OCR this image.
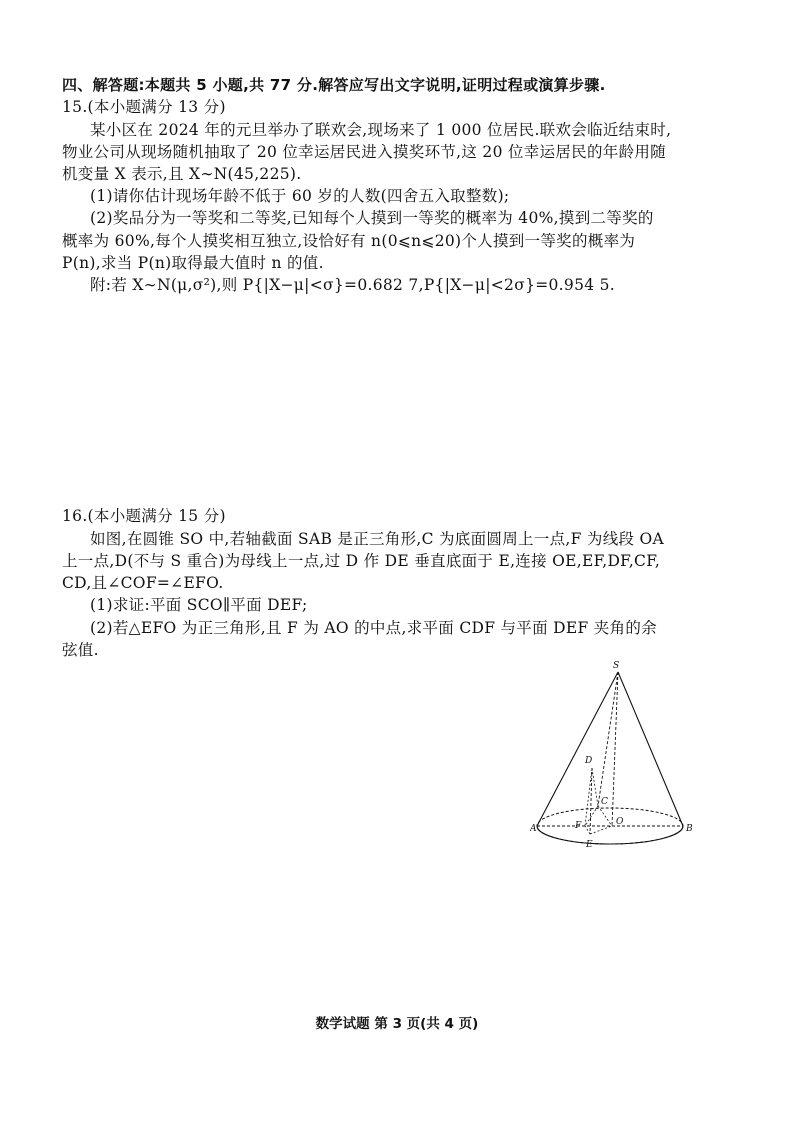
四、解答题:本题共 5 小题,共 77 分.解答应写出文字说明,证明过程或演算步骤.
15.(本小题满分 13 分)
某小区在 2024 年的元旦举办了联欢会,现场来了 1 000 位居民.联欢会临近结束时,
物业公司从现场随机抽取了 20 位幸运居民进入摸奖环节,这 20 位幸运居民的年龄用随
机变量 X 表示,且 X∼N(45,225).
(1)请你估计现场年龄不低于 60 岁的人数(四舍五入取整数);
(2)奖品分为一等奖和二等奖,已知每个人摸到一等奖的概率为 40%,摸到二等奖的
概率为 60%,每个人摸奖相互独立,设恰好有 n(0⩽n⩽20)个人摸到一等奖的概率为
P(n),求当 P(n)取得最大值时 n 的值.
附:若 X∼N(μ,σ²),则 P{|X−μ|<σ}=0.682 7,P{|X−μ|<2σ}=0.954 5.
16.(本小题满分 15 分)
如图,在圆锥 SO 中,若轴截面 SAB 是正三角形,C 为底面圆周上一点,F 为线段 OA
上一点,D(不与 S 重合)为母线上一点,过 D 作 DE 垂直底面于 E,连接 OE,EF,DF,CF,
CD,且∠COF=∠EFO.
(1)求证:平面 SCO∥平面 DEF;
(2)若△EFO 为正三角形,且 F 为 AO 的中点,求平面 CDF 与平面 DEF 夹角的余
弦值.
S
D
C
F	O
A	B
E
数学试题 第 3 页(共 4 页)
